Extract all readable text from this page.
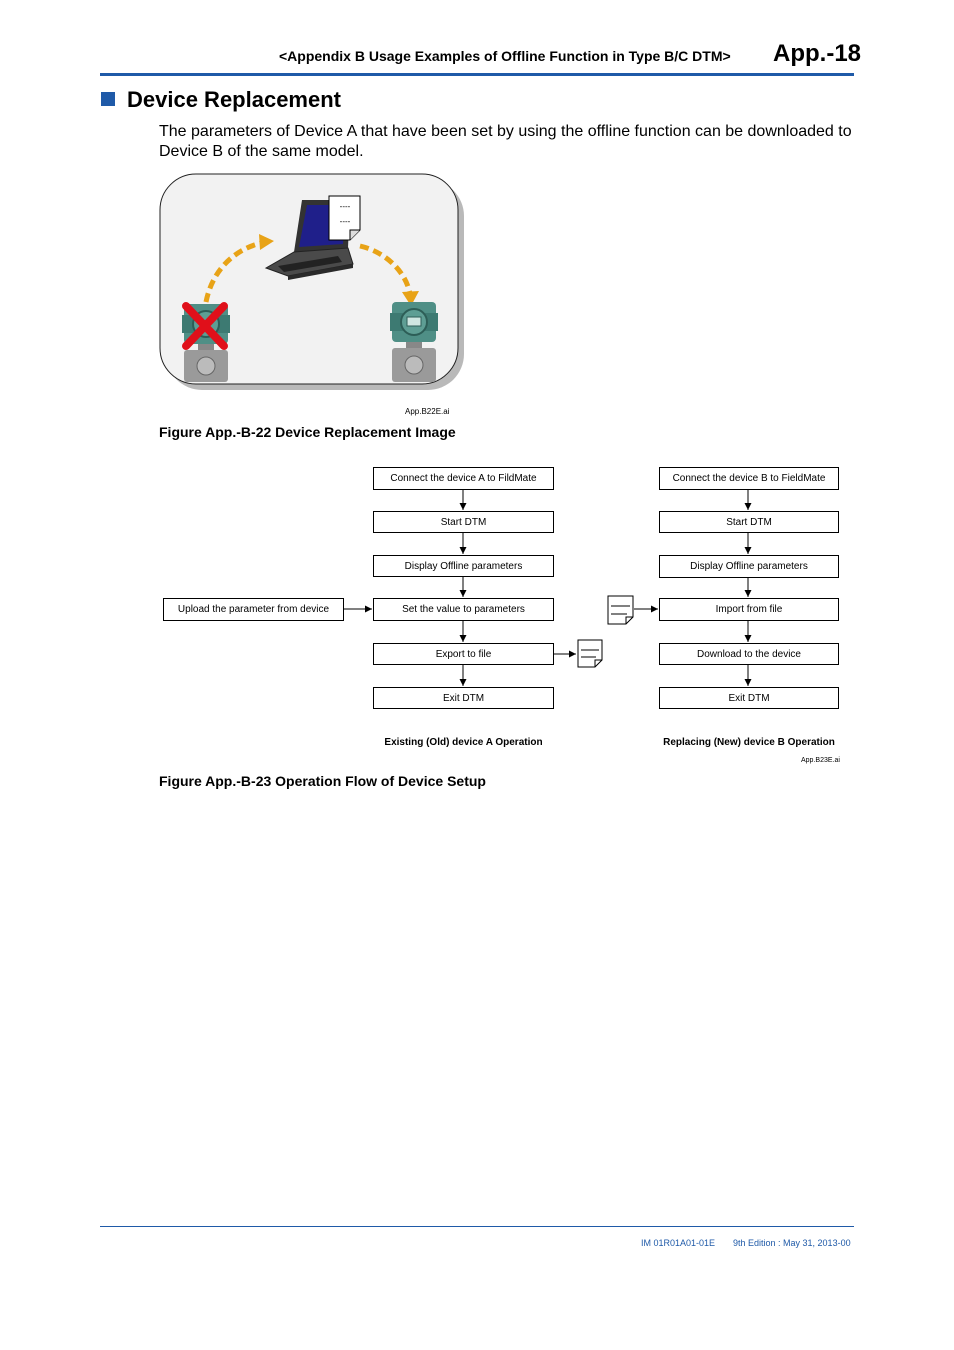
<Appendix B Usage Examples of Offline Function in Type B/C DTM> App.-18
Device Replacement
The parameters of Device A that have been set by using the offline function can be downloaded to Device B of the same model.
----
----
App.B22E.ai
Figure App.-B-22 Device Replacement Image
Upload the parameter from device
Connect the device A to FildMate
Start DTM
Display Offline parameters
Set the value to parameters
Export to file
Exit DTM
Connect the device B to FieldMate
Start DTM
Display Offline parameters
Import from file
Download to the device
Exit DTM
Existing (Old) device A Operation	Replacing (New) device B Operation
App.B23E.ai
Figure App.-B-23 Operation Flow of Device Setup
IM 01R01A01-01E 9th Edition : May 31, 2013-00
